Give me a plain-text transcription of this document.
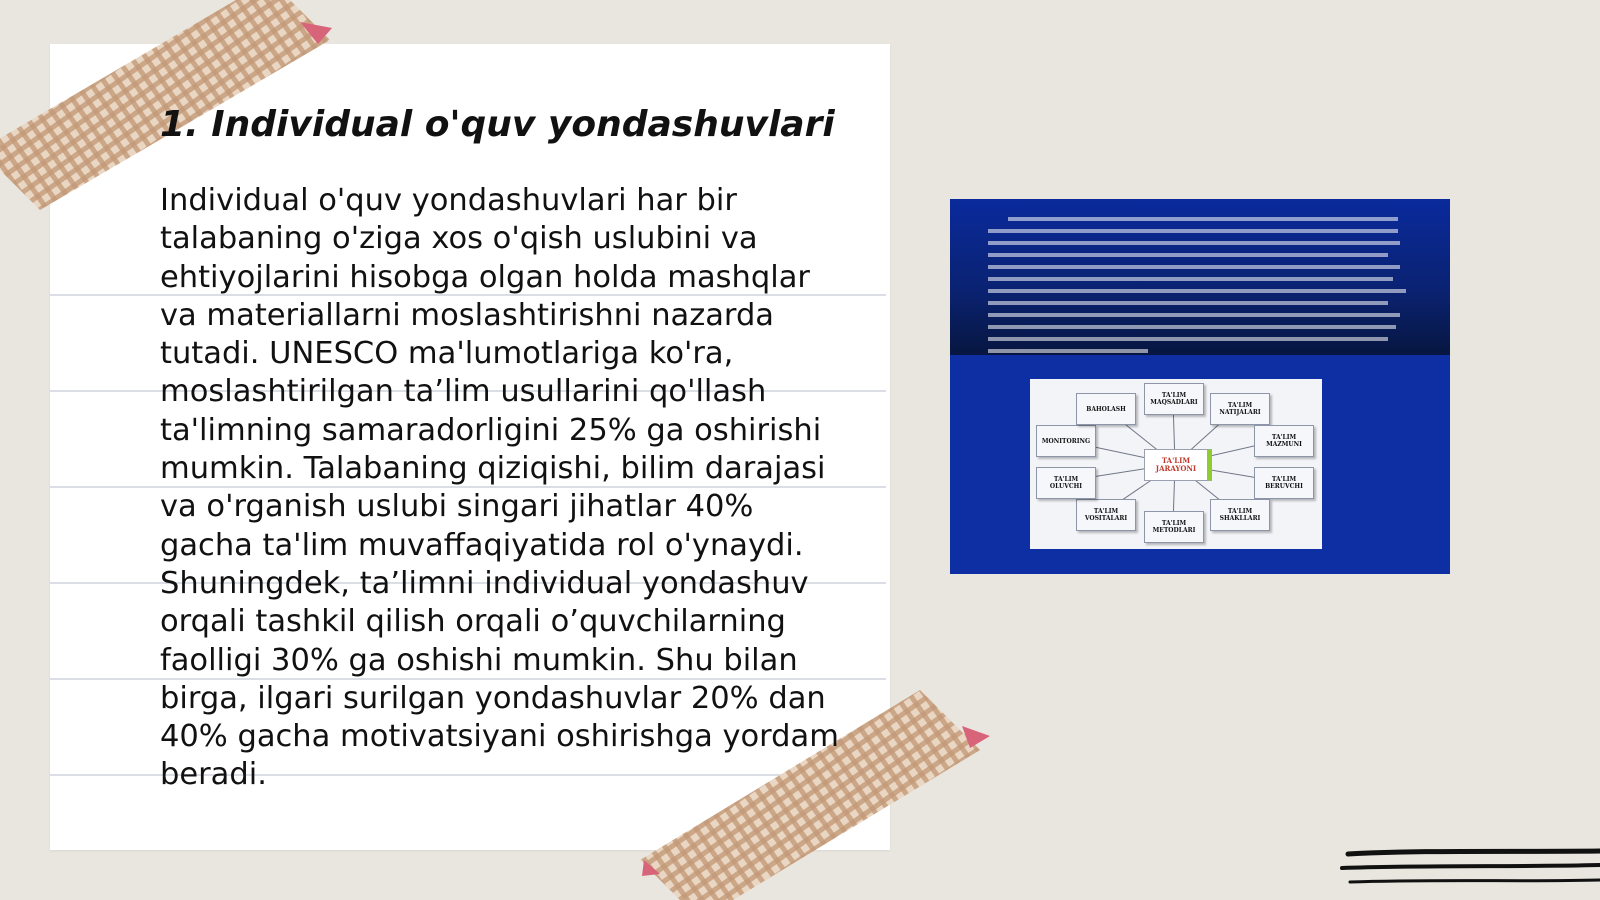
1. Individual o'quv yondashuvlari

Individual o'quv yondashuvlari har bir talabaning o'ziga xos o'qish uslubini va ehtiyojlarini hisobga olgan holda mashqlar va materiallarni moslashtirishni nazarda tutadi. UNESCO ma'lumotlariga ko'ra, moslashtirilgan ta’lim usullarini qo'llash ta'limning samaradorligini 25% ga oshirishi mumkin. Talabaning qiziqishi, bilim darajasi va o'rganish uslubi singari jihatlar 40% gacha ta'lim muvaffaqiyatida rol o'ynaydi. Shuningdek, ta’limni individual yondashuv orqali tashkil qilish orqali o’quvchilarning faolligi 30% ga oshishi mumkin. Shu bilan birga, ilgari surilgan yondashuvlar 20% dan 40% gacha motivatsiyani oshirishga yordam beradi.

TA'LIM MAQSADLARI	TA'LIM NATIJALARI
TA'LIM MAZMUNI
TA'LIM BERUVCHI
TA'LIM SHAKLLARI
TA'LIM METODLARI
TA'LIM VOSITALARI
TA'LIM OLUVCHI
MONITORING
BAHOLASH
TA'LIM JARAYONI
